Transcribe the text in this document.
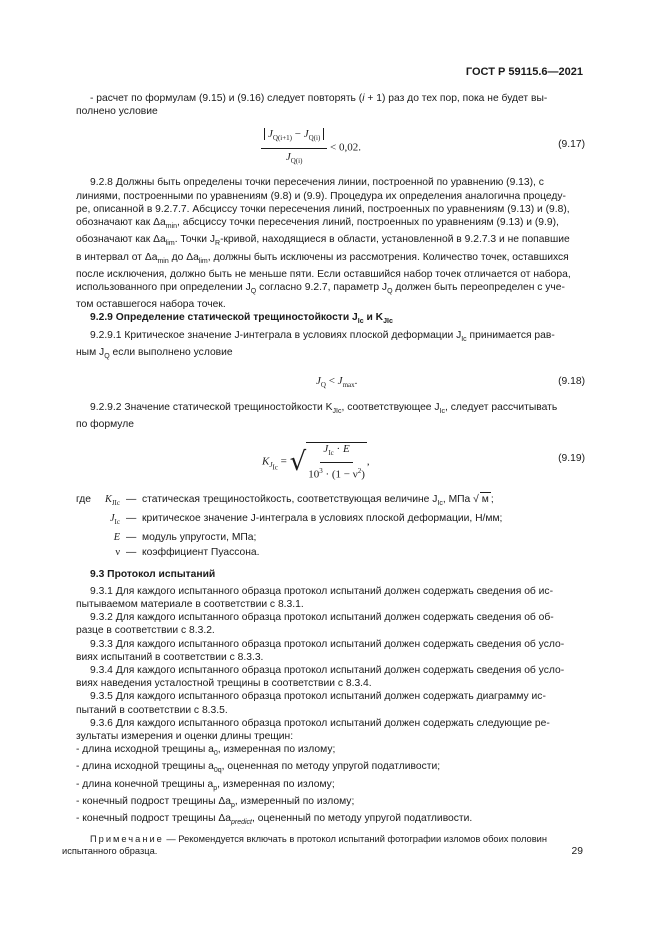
ГОСТ Р 59115.6—2021

- расчет по формулам (9.15) и (9.16) следует повторять (i + 1) раз до тех пор, пока не будет вы-

полнено условие

$\frac{J_{Q(i+1)} - J_{Q(i)}}{J_{Q(i)}} < 0,02$.	(9.17)

9.2.8 Должны быть определены точки пересечения линии, построенной по уравнению (9.13), с

линиями, построенными по уравнениям (9.8) и (9.9). Процедура их определения аналогична процеду-

ре, описанной в 9.2.7.7. Абсциссу точки пересечения линий, построенных по уравнениям (9.13) и (9.8),

обозначают как $\Delta a_{min}$, абсциссу точки пересечения линий, построенных по уравнениям (9.13) и (9.9),

обозначают как $\Delta a_{lim}$. Точки $J_R$-кривой, находящиеся в области, установленной в 9.2.7.3 и не попавшие

в интервал от $\Delta a_{min}$ до $\Delta a_{lim}$, должны быть исключены из рассмотрения. Количество точек, оставшихся

после исключения, должно быть не меньше пяти. Если оставшийся набор точек отличается от набора,

использованного при определении $J_Q$ согласно 9.2.7, параметр $J_Q$ должен быть переопределен с уче-

том оставшегося набора точек.

9.2.9 Определение статической трещиностойкости $J_{Ic}$ и $K_{JIc}$

9.2.9.1 Критическое значение J-интеграла в условиях плоской деформации $J_{Ic}$ принимается рав-

ным $J_Q$ если выполнено условие

$J_Q < J_{max}$.	(9.18)

9.2.9.2 Значение статической трещиностойкости $K_{JIc}$, соответствующее $J_{Ic}$, следует рассчитывать

по формуле

$K_{J_{Ic}}$ = √ $\frac{J_{Ic} \cdot E}{10^3 \cdot (1 - \nu^2)}$ ,	(9.19)
где	$K_{JIc}$ — статическая трещиностойкость, соответствующая величине $J_{Ic}$, МПа √ м ;
$J_{Ic}$ — критическое значение J-интеграла в условиях плоской деформации, Н/мм;
E — модуль упругости, МПа;
ν — коэффициент Пуассона.

9.3 Протокол испытаний

9.3.1 Для каждого испытанного образца протокол испытаний должен содержать сведения об ис-

пытываемом материале в соответствии с 8.3.1.

9.3.2 Для каждого испытанного образца протокол испытаний должен содержать сведения об об-

разце в соответствии с 8.3.2.

9.3.3 Для каждого испытанного образца протокол испытаний должен содержать сведения об усло-

виях испытаний в соответствии с 8.3.3.

9.3.4 Для каждого испытанного образца протокол испытаний должен содержать сведения об усло-

виях наведения усталостной трещины в соответствии с 8.3.4.

9.3.5 Для каждого испытанного образца протокол испытаний должен содержать диаграмму ис-

пытаний в соответствии с 8.3.5.

9.3.6 Для каждого испытанного образца протокол испытаний должен содержать следующие ре-

зультаты измерения и оценки длины трещин:

- длина исходной трещины $a_0$, измеренная по излому;

- длина исходной трещины $a_{0q}$, оцененная по методу упругой податливости;

- длина конечной трещины $a_p$, измеренная по излому;

- конечный подрост трещины $\Delta a_p$, измеренный по излому;

- конечный подрост трещины $\Delta a_{predict}$, оцененный по методу упругой податливости.

Примечание — Рекомендуется включать в протокол испытаний фотографии изломов обоих половин
испытанного образца.	29
